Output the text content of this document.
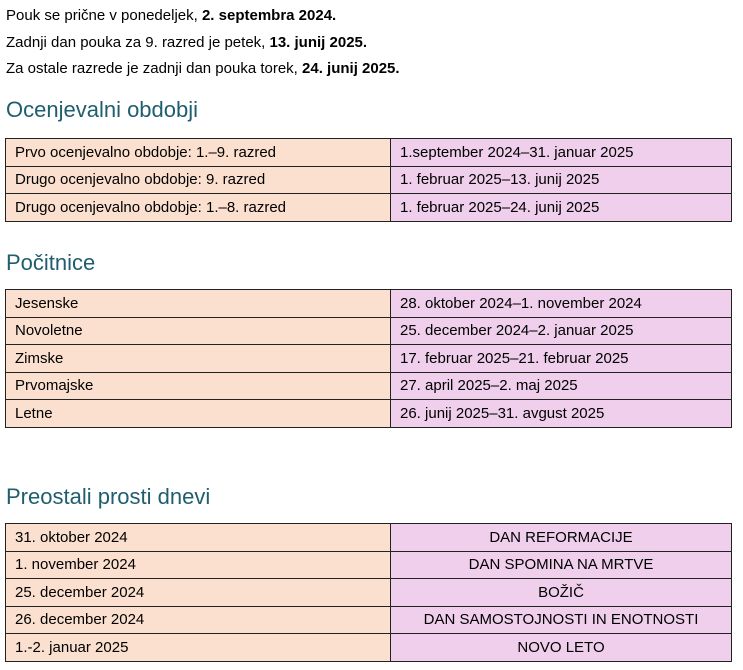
Pouk se prične v ponedeljek, 2. septembra 2024.

Zadnji dan pouka za 9. razred je petek, 13. junij 2025.

Za ostale razrede je zadnji dan pouka torek, 24. junij 2025.

Ocenjevalni obdobji
Prvo ocenjevalno obdobje: 1.–9. razred	1.september 2024–31. januar 2025
Drugo ocenjevalno obdobje: 9. razred	1. februar 2025–13. junij 2025
Drugo ocenjevalno obdobje: 1.–8. razred	1. februar 2025–24. junij 2025
Počitnice
Jesenske	28. oktober 2024–1. november 2024
Novoletne	25. december 2024–2. januar 2025
Zimske	17. februar 2025–21. februar 2025
Prvomajske	27. april 2025–2. maj 2025
Letne	26. junij 2025–31. avgust 2025
Preostali prosti dnevi
31. oktober 2024	DAN REFORMACIJE
1. november 2024	DAN SPOMINA NA MRTVE
25. december 2024	BOŽIČ
26. december 2024	DAN SAMOSTOJNOSTI IN ENOTNOSTI
1.-2. januar 2025	NOVO LETO
